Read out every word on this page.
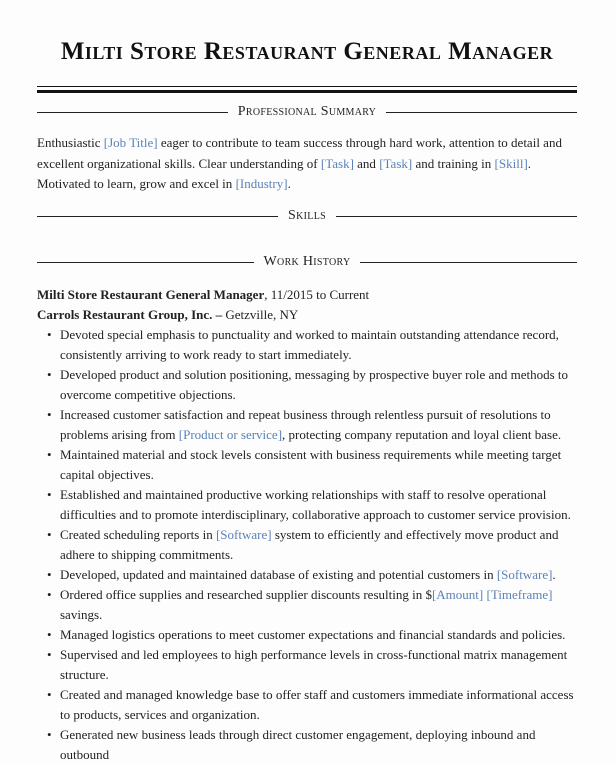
Milti Store Restaurant General Manager
Professional Summary
Enthusiastic [Job Title] eager to contribute to team success through hard work, attention to detail and excellent organizational skills. Clear understanding of [Task] and [Task] and training in [Skill]. Motivated to learn, grow and excel in [Industry].
Skills
Work History
Milti Store Restaurant General Manager, 11/2015 to Current
Carrols Restaurant Group, Inc. – Getzville, NY
• Devoted special emphasis to punctuality and worked to maintain outstanding attendance record, consistently arriving to work ready to start immediately.
• Developed product and solution positioning, messaging by prospective buyer role and methods to overcome competitive objections.
• Increased customer satisfaction and repeat business through relentless pursuit of resolutions to problems arising from [Product or service], protecting company reputation and loyal client base.
• Maintained material and stock levels consistent with business requirements while meeting target capital objectives.
• Established and maintained productive working relationships with staff to resolve operational difficulties and to promote interdisciplinary, collaborative approach to customer service provision.
• Created scheduling reports in [Software] system to efficiently and effectively move product and adhere to shipping commitments.
• Developed, updated and maintained database of existing and potential customers in [Software].
• Ordered office supplies and researched supplier discounts resulting in $[Amount] [Timeframe] savings.
• Managed logistics operations to meet customer expectations and financial standards and policies.
• Supervised and led employees to high performance levels in cross-functional matrix management structure.
• Created and managed knowledge base to offer staff and customers immediate informational access to products, services and organization.
• Generated new business leads through direct customer engagement, deploying inbound and outbound
